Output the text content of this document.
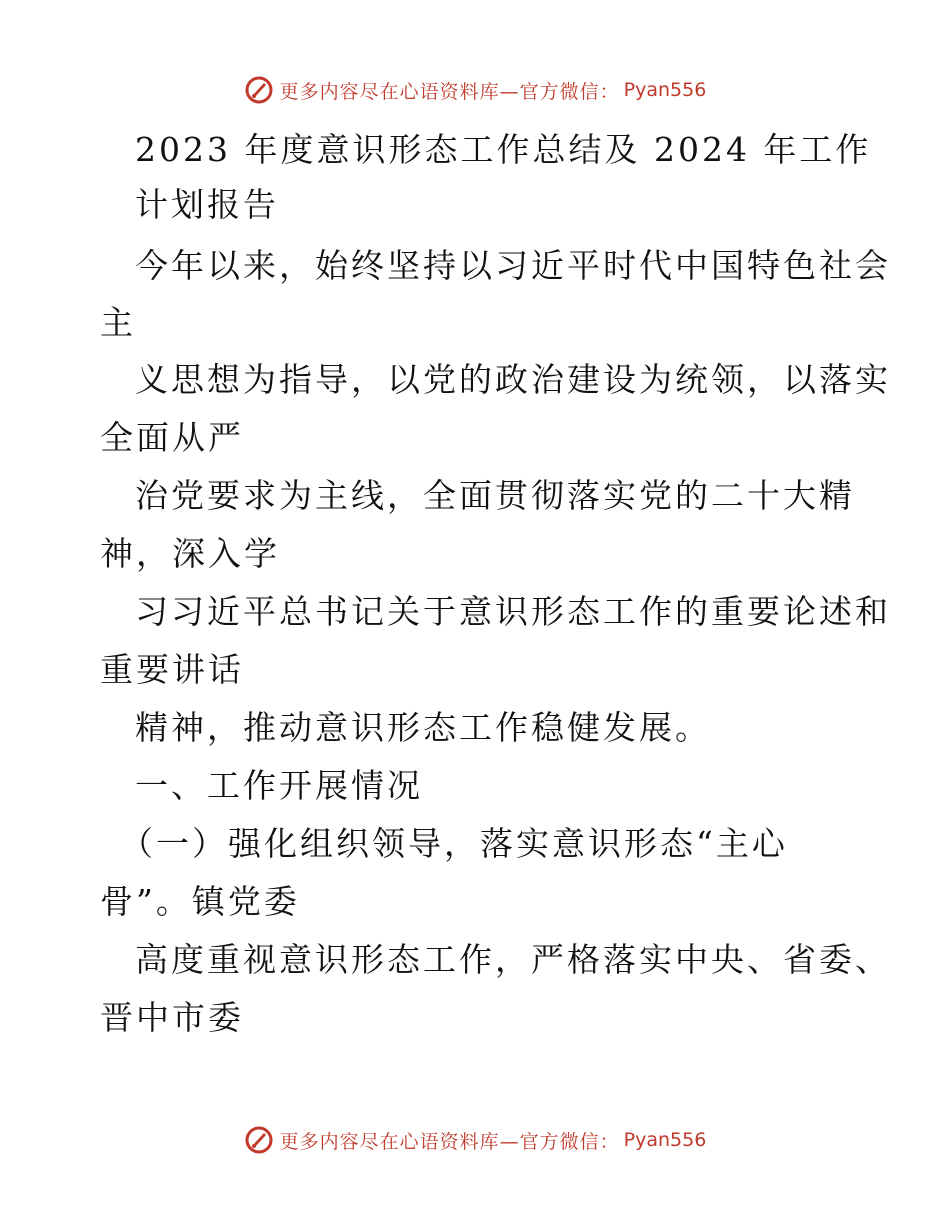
更多内容尽在心语资料库—官方微信： Pyan556
2023 年度意识形态工作总结及 2024 年工作
计划报告
今年以来，始终坚持以习近平时代中国特色社会
主
义思想为指导，以党的政治建设为统领，以落实
全面从严
治党要求为主线，全面贯彻落实党的二十大精
神，深入学
习习近平总书记关于意识形态工作的重要论述和
重要讲话
精神，推动意识形态工作稳健发展。
一、工作开展情况
（一）强化组织领导，落实意识形态“主心
骨”。镇党委
高度重视意识形态工作，严格落实中央、省委、
晋中市委
更多内容尽在心语资料库—官方微信： Pyan556
